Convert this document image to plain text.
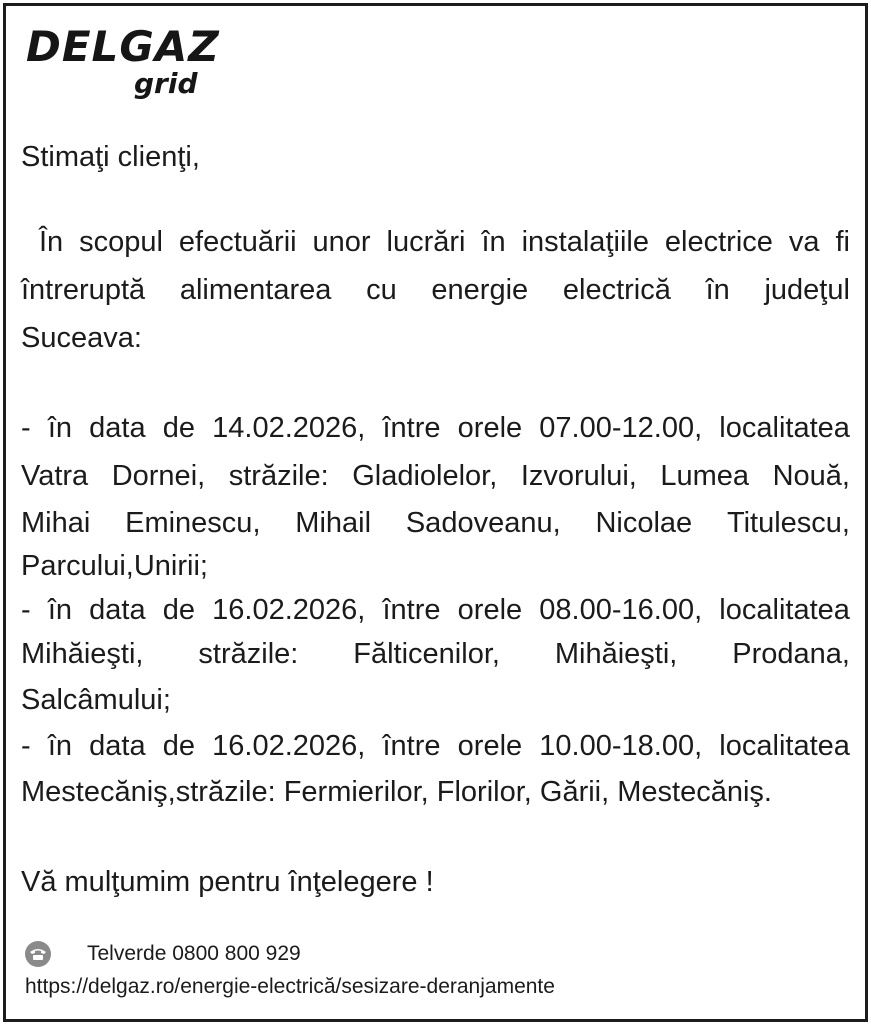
DELGAZ
grid
Stimaţi clienţi,
În scopul efectuării unor lucrări în instalaţiile electrice va fi
întreruptă alimentarea cu energie electrică în judeţul
Suceava:
- în data de 14.02.2026, între orele 07.00-12.00, localitatea
Vatra Dornei, străzile: Gladiolelor, Izvorului, Lumea Nouă,
Mihai Eminescu, Mihail Sadoveanu, Nicolae Titulescu,
Parcului,Unirii;
- în data de 16.02.2026, între orele 08.00-16.00, localitatea
Mihăieşti, străzile: Fălticenilor, Mihăieşti, Prodana,
Salcâmului;
- în data de 16.02.2026, între orele 10.00-18.00, localitatea
Mestecăniş,străzile: Fermierilor, Florilor, Gării, Mestecăniş.
Vă mulţumim pentru înţelegere !
Telverde 0800 800 929
https://delgaz.ro/energie-electrică/sesizare-deranjamente
